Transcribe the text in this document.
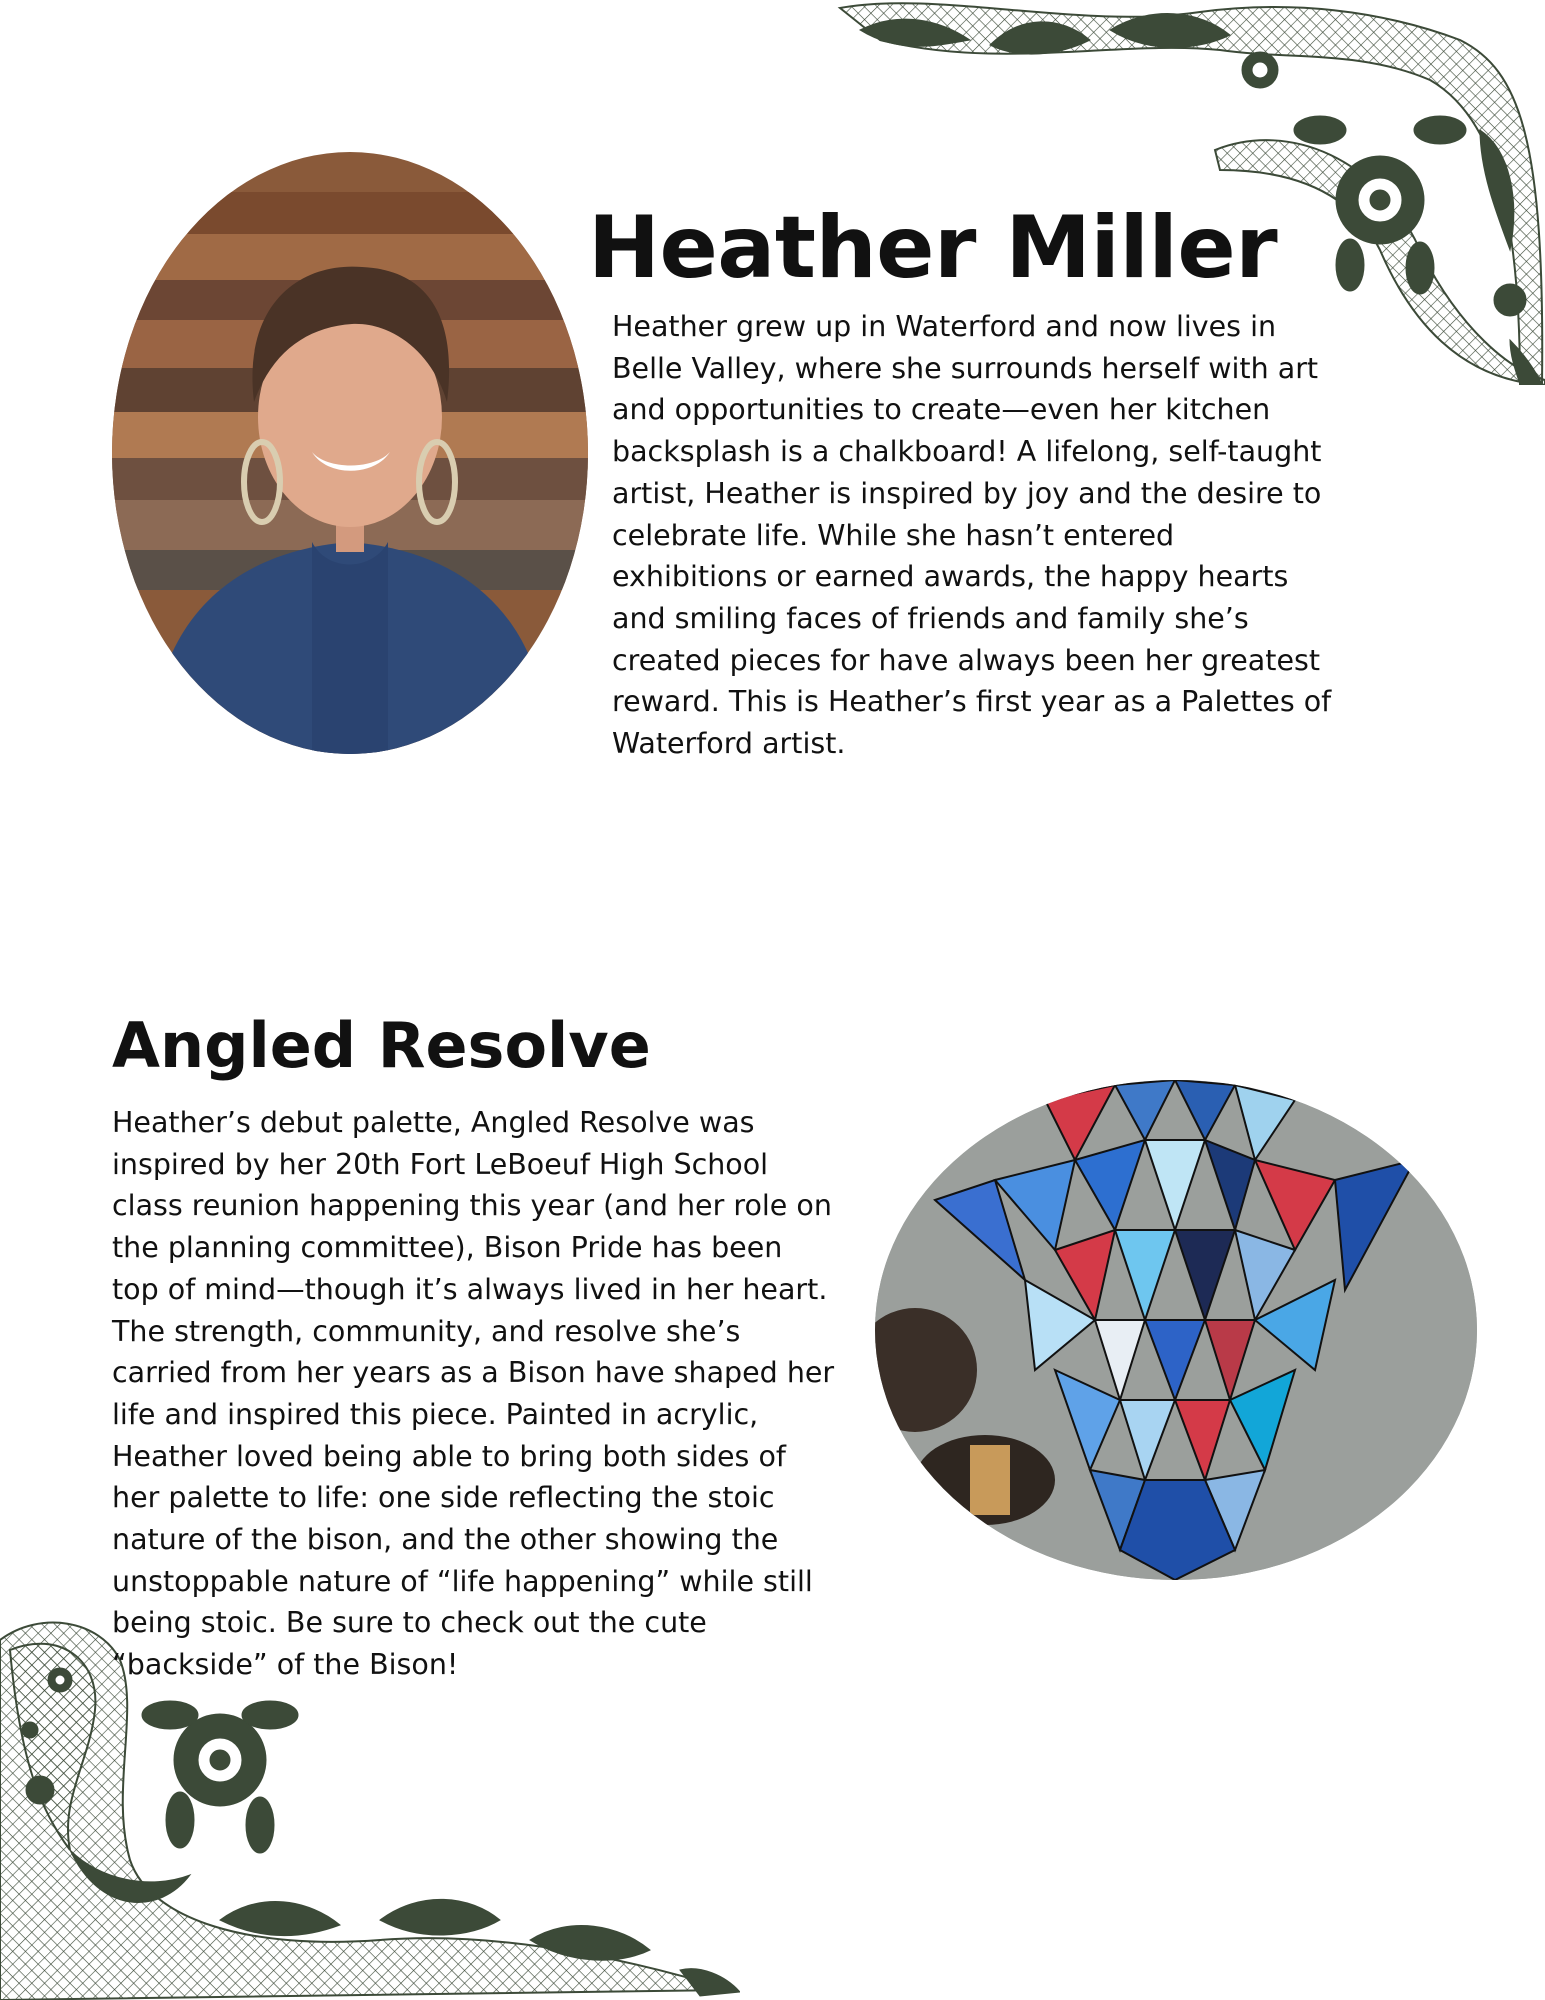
Heather Miller

Heather grew up in Waterford and now lives in
Belle Valley, where she surrounds herself with art
and opportunities to create—even her kitchen
backsplash is a chalkboard! A lifelong, self-taught
artist, Heather is inspired by joy and the desire to
celebrate life. While she hasn’t entered
exhibitions or earned awards, the happy hearts
and smiling faces of friends and family she’s
created pieces for have always been her greatest
reward. This is Heather’s first year as a Palettes of
Waterford artist.

Angled Resolve

Heather’s debut palette, Angled Resolve was
inspired by her 20th Fort LeBoeuf High School
class reunion happening this year (and her role on
the planning committee), Bison Pride has been
top of mind—though it’s always lived in her heart.
The strength, community, and resolve she’s
carried from her years as a Bison have shaped her
life and inspired this piece. Painted in acrylic,
Heather loved being able to bring both sides of
her palette to life: one side reflecting the stoic
nature of the bison, and the other showing the
unstoppable nature of “life happening” while still
being stoic. Be sure to check out the cute
“backside” of the Bison!
